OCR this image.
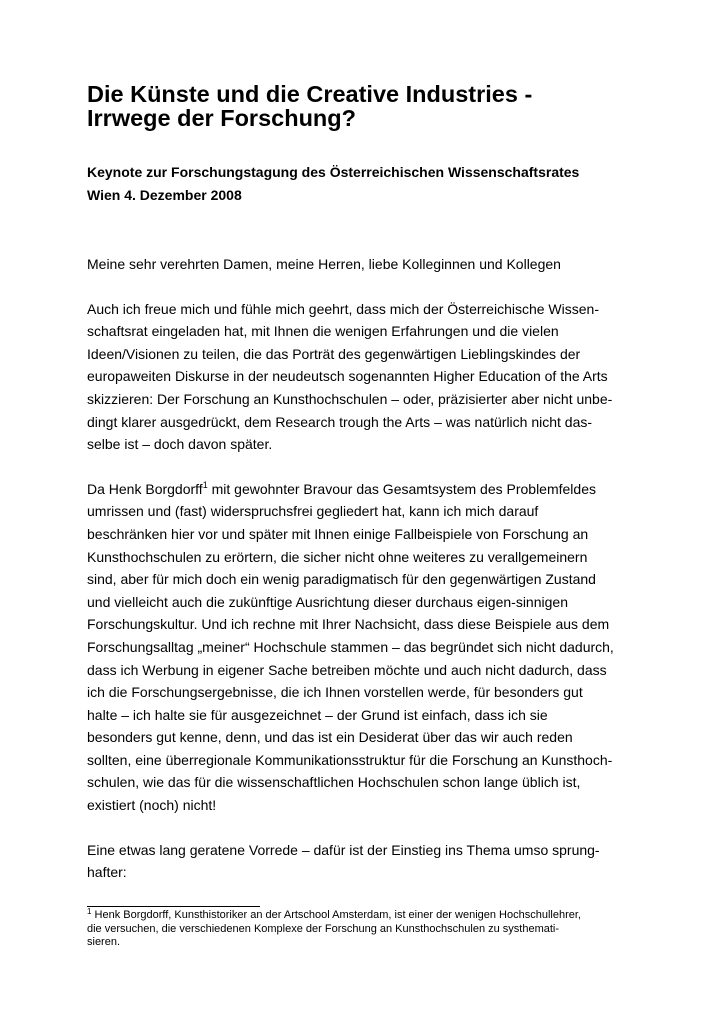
Die Künste und die Creative Industries -
Irrwege der Forschung?
Keynote zur Forschungstagung des Österreichischen Wissenschaftsrates
Wien 4. Dezember 2008

Meine sehr verehrten Damen, meine Herren, liebe Kolleginnen und Kollegen

Auch ich freue mich und fühle mich geehrt, dass mich der Österreichische Wissen-
schaftsrat eingeladen hat, mit Ihnen die wenigen Erfahrungen und die vielen
Ideen/Visionen zu teilen, die das Porträt des gegenwärtigen Lieblingskindes der
europaweiten Diskurse in der neudeutsch sogenannten Higher Education of the Arts
skizzieren: Der Forschung an Kunsthochschulen – oder, präzisierter aber nicht unbe-
dingt klarer ausgedrückt, dem Research trough the Arts – was natürlich nicht das-
selbe ist – doch davon später.

Da Henk Borgdorff$^1$ mit gewohnter Bravour das Gesamtsystem des Problemfeldes
umrissen und (fast) widerspruchsfrei gegliedert hat, kann ich mich darauf
beschränken hier vor und später mit Ihnen einige Fallbeispiele von Forschung an
Kunsthochschulen zu erörtern, die sicher nicht ohne weiteres zu verallgemeinern
sind, aber für mich doch ein wenig paradigmatisch für den gegenwärtigen Zustand
und vielleicht auch die zukünftige Ausrichtung dieser durchaus eigen-sinnigen
Forschungskultur. Und ich rechne mit Ihrer Nachsicht, dass diese Beispiele aus dem
Forschungsalltag „meiner“ Hochschule stammen – das begründet sich nicht dadurch,
dass ich Werbung in eigener Sache betreiben möchte und auch nicht dadurch, dass
ich die Forschungsergebnisse, die ich Ihnen vorstellen werde, für besonders gut
halte – ich halte sie für ausgezeichnet – der Grund ist einfach, dass ich sie
besonders gut kenne, denn, und das ist ein Desiderat über das wir auch reden
sollten, eine überregionale Kommunikationsstruktur für die Forschung an Kunsthoch-
schulen, wie das für die wissenschaftlichen Hochschulen schon lange üblich ist,
existiert (noch) nicht!

Eine etwas lang geratene Vorrede – dafür ist der Einstieg ins Thema umso sprung-
hafter:

$^1$ Henk Borgdorff, Kunsthistoriker an der Artschool Amsterdam, ist einer der wenigen Hochschullehrer,
die versuchen, die verschiedenen Komplexe der Forschung an Kunsthochschulen zu systhemati-
sieren.
